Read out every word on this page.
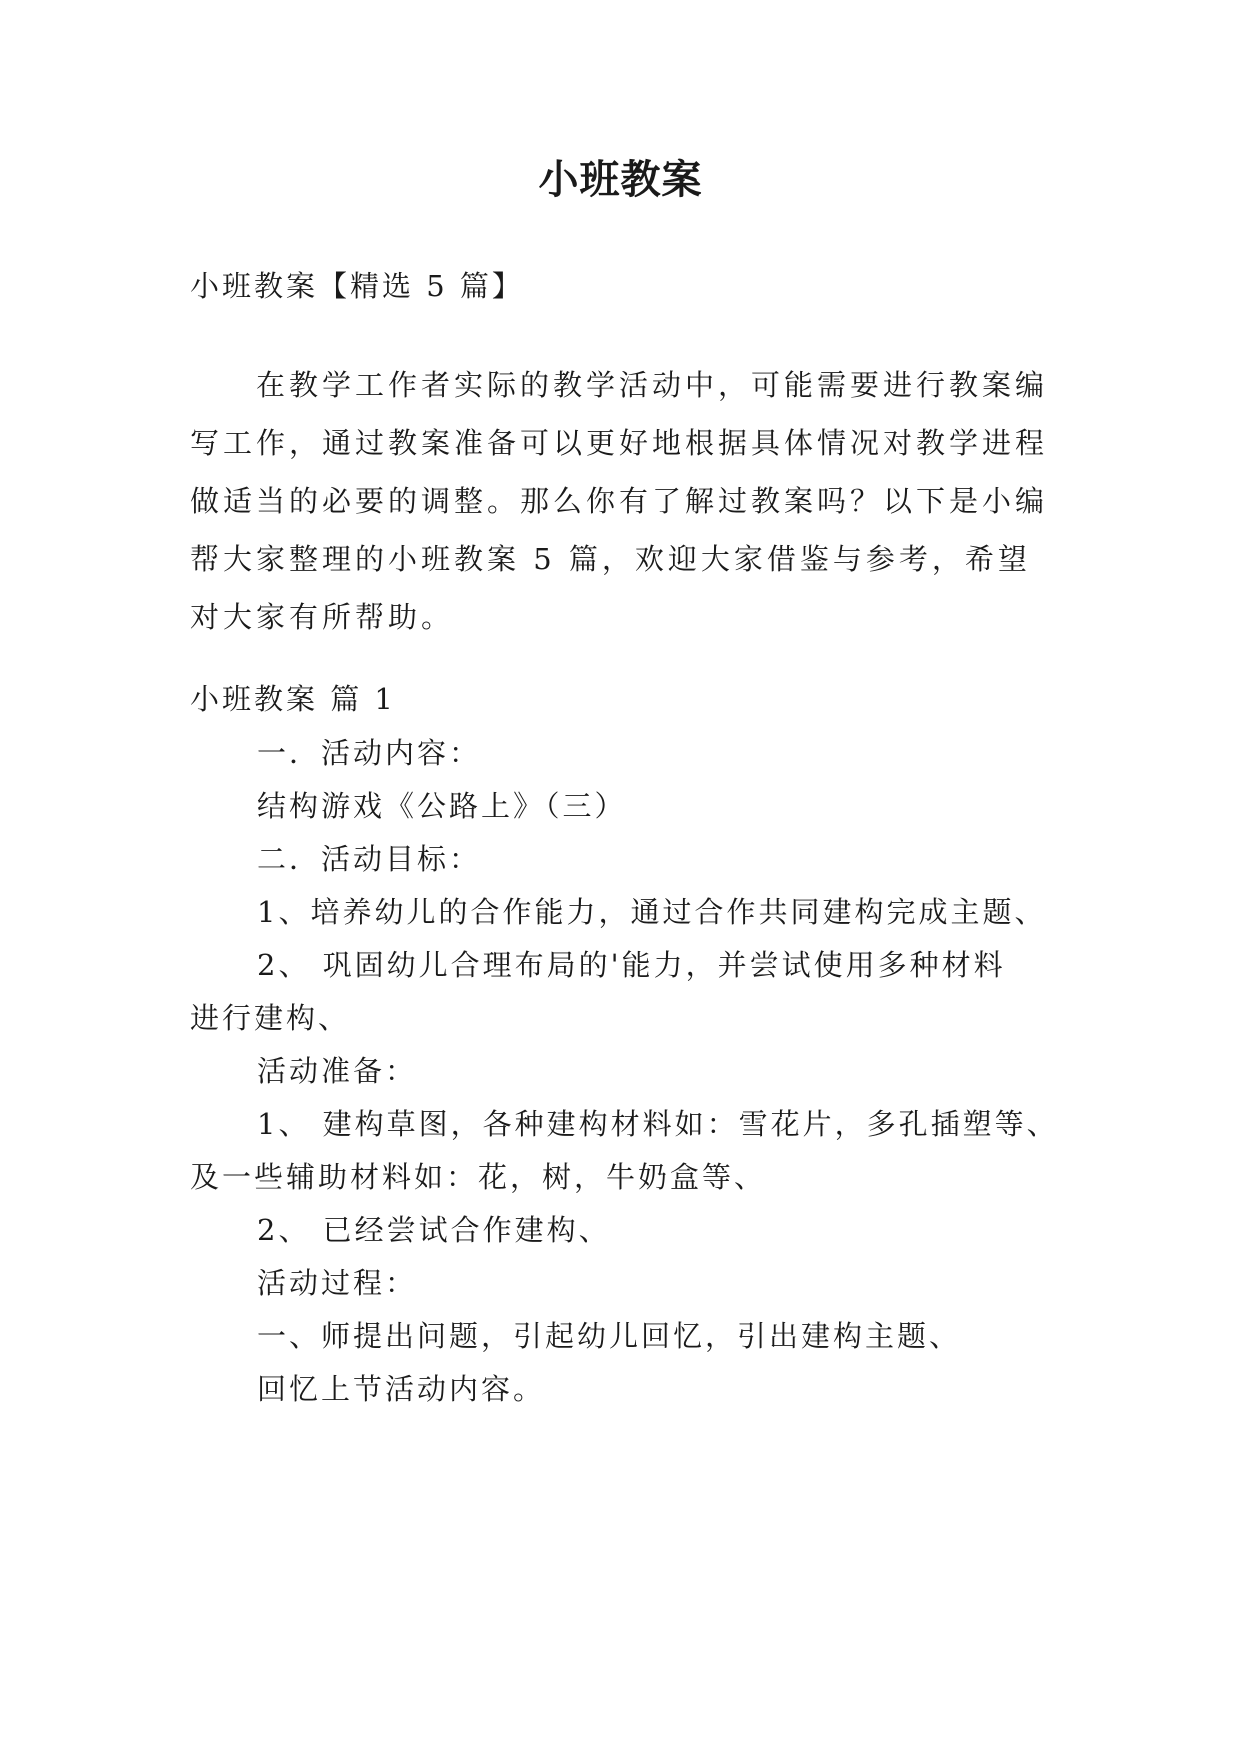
小班教案
小班教案【精选 5 篇】
在教学工作者实际的教学活动中，可能需要进行教案编写工作，通过教案准备可以更好地根据具体情况对教学进程做适当的必要的调整。那么你有了解过教案吗？以下是小编帮大家整理的小班教案 5 篇，欢迎大家借鉴与参考，希望对大家有所帮助。
小班教案 篇 1
一．活动内容：
结构游戏《公路上》（三）
二．活动目标：
1、培养幼儿的合作能力，通过合作共同建构完成主题、
2、 巩固幼儿合理布局的'能力，并尝试使用多种材料
进行建构、
活动准备：
1、 建构草图，各种建构材料如：雪花片，多孔插塑等、
及一些辅助材料如：花，树，牛奶盒等、
2、 已经尝试合作建构、
活动过程：
一、师提出问题，引起幼儿回忆，引出建构主题、
回忆上节活动内容。
